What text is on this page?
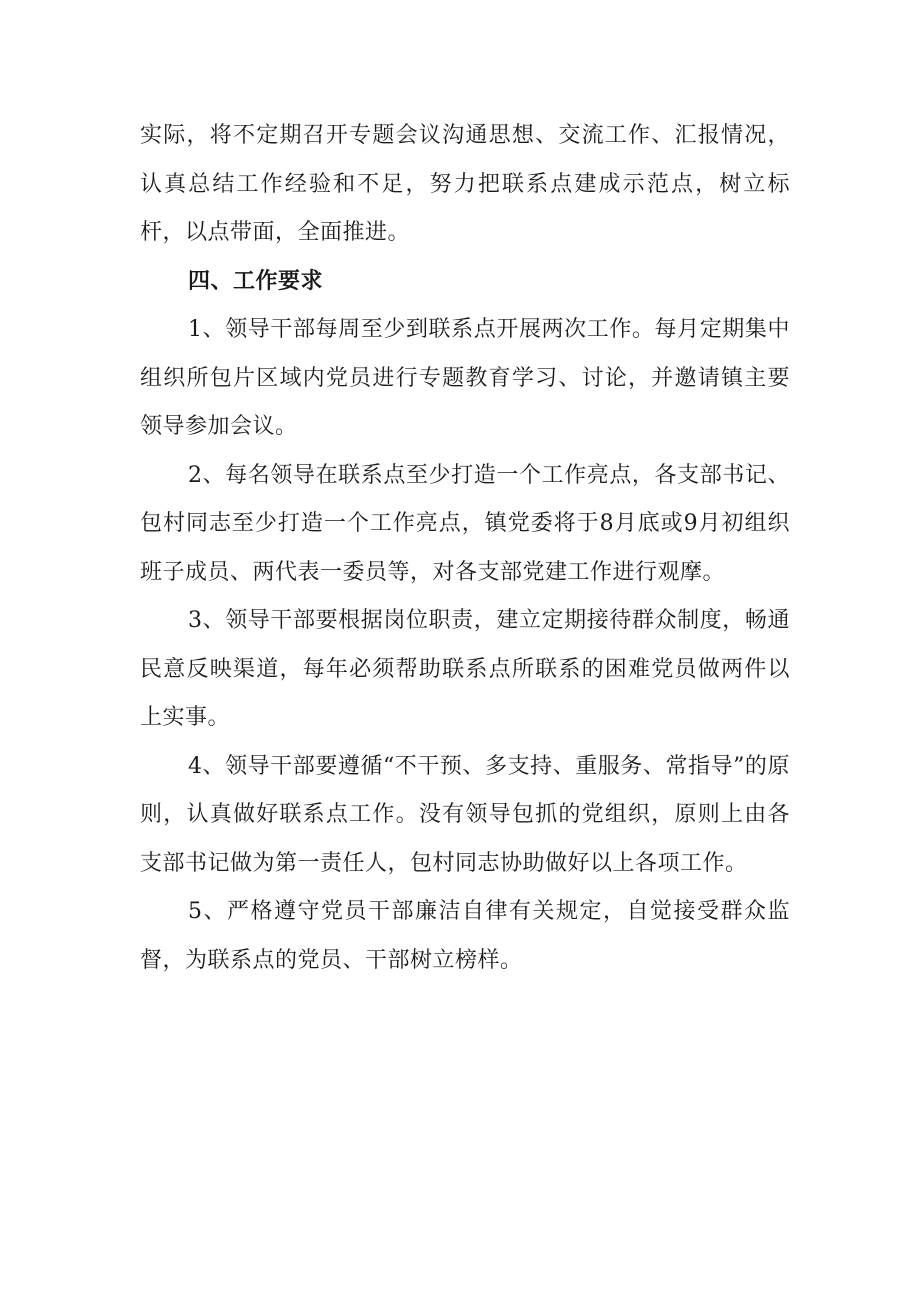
实际，将不定期召开专题会议沟通思想、交流工作、汇报情况，认真总结工作经验和不足，努力把联系点建成示范点，树立标杆，以点带面，全面推进。

四、工作要求

1、领导干部每周至少到联系点开展两次工作。每月定期集中组织所包片区域内党员进行专题教育学习、讨论，并邀请镇主要领导参加会议。

2、每名领导在联系点至少打造一个工作亮点，各支部书记、包村同志至少打造一个工作亮点，镇党委将于8月底或9月初组织班子成员、两代表一委员等，对各支部党建工作进行观摩。

3、领导干部要根据岗位职责，建立定期接待群众制度，畅通民意反映渠道，每年必须帮助联系点所联系的困难党员做两件以上实事。

4、领导干部要遵循“不干预、多支持、重服务、常指导”的原则，认真做好联系点工作。没有领导包抓的党组织，原则上由各支部书记做为第一责任人，包村同志协助做好以上各项工作。

5、严格遵守党员干部廉洁自律有关规定，自觉接受群众监督，为联系点的党员、干部树立榜样。
